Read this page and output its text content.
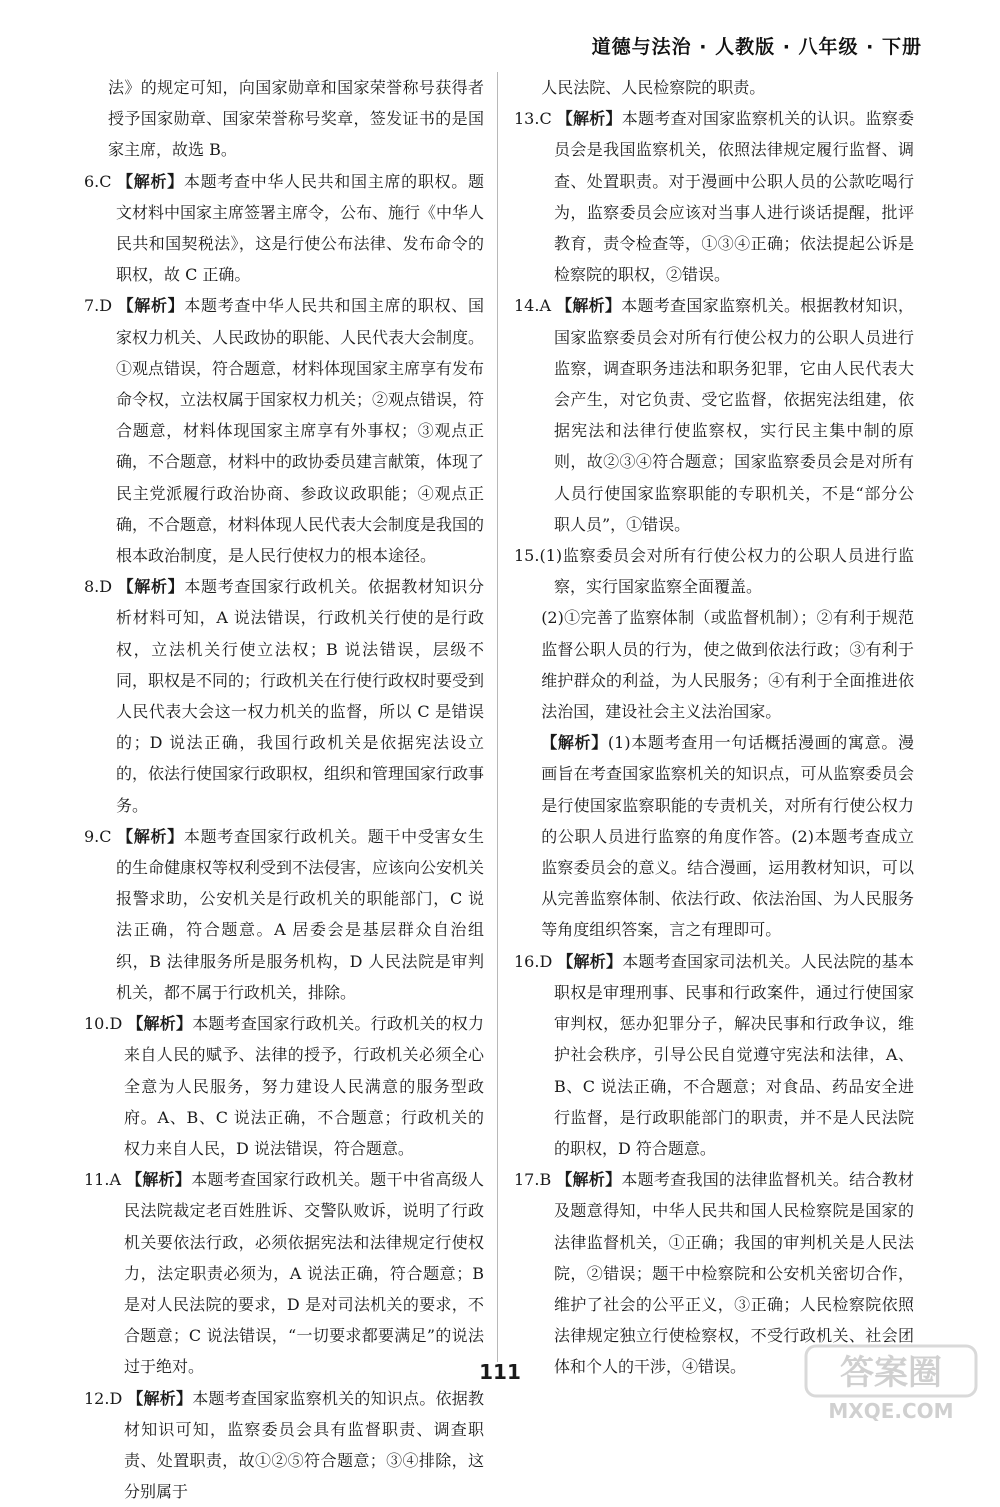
道德与法治 · 人教版 · 八年级 · 下册

法》的规定可知，向国家勋章和国家荣誉称号获得者授予国家勋章、国家荣誉称号奖章，签发证书的是国家主席，故选 B。

6.C 【解析】本题考查中华人民共和国主席的职权。题文材料中国家主席签署主席令，公布、施行《中华人民共和国契税法》，这是行使公布法律、发布命令的职权，故 C 正确。

7.D 【解析】本题考查中华人民共和国主席的职权、国家权力机关、人民政协的职能、人民代表大会制度。①观点错误，符合题意，材料体现国家主席享有发布命令权，立法权属于国家权力机关；②观点错误，符合题意，材料体现国家主席享有外事权；③观点正确，不合题意，材料中的政协委员建言献策，体现了民主党派履行政治协商、参政议政职能；④观点正确，不合题意，材料体现人民代表大会制度是我国的根本政治制度，是人民行使权力的根本途径。

8.D 【解析】本题考查国家行政机关。依据教材知识分析材料可知，A 说法错误，行政机关行使的是行政权，立法机关行使立法权；B 说法错误，层级不同，职权是不同的；行政机关在行使行政权时要受到人民代表大会这一权力机关的监督，所以 C 是错误的；D 说法正确，我国行政机关是依据宪法设立的，依法行使国家行政职权，组织和管理国家行政事务。

9.C 【解析】本题考查国家行政机关。题干中受害女生的生命健康权等权利受到不法侵害，应该向公安机关报警求助，公安机关是行政机关的职能部门，C 说法正确，符合题意。A 居委会是基层群众自治组织，B 法律服务所是服务机构，D 人民法院是审判机关，都不属于行政机关，排除。

10.D 【解析】本题考查国家行政机关。行政机关的权力来自人民的赋予、法律的授予，行政机关必须全心全意为人民服务，努力建设人民满意的服务型政府。A、B、C 说法正确，不合题意；行政机关的权力来自人民，D 说法错误，符合题意。

11.A 【解析】本题考查国家行政机关。题干中省高级人民法院裁定老百姓胜诉、交警队败诉，说明了行政机关要依法行政，必须依据宪法和法律规定行使权力，法定职责必须为，A 说法正确，符合题意；B 是对人民法院的要求，D 是对司法机关的要求，不合题意；C 说法错误，“一切要求都要满足”的说法过于绝对。

12.D 【解析】本题考查国家监察机关的知识点。依据教材知识可知，监察委员会具有监督职责、调查职责、处置职责，故①②⑤符合题意；③④排除，这分别属于

人民法院、人民检察院的职责。

13.C 【解析】本题考查对国家监察机关的认识。监察委员会是我国监察机关，依照法律规定履行监督、调查、处置职责。对于漫画中公职人员的公款吃喝行为，监察委员会应该对当事人进行谈话提醒，批评教育，责令检查等，①③④正确；依法提起公诉是检察院的职权，②错误。

14.A 【解析】本题考查国家监察机关。根据教材知识，国家监察委员会对所有行使公权力的公职人员进行监察，调查职务违法和职务犯罪，它由人民代表大会产生，对它负责、受它监督，依据宪法组建，依据宪法和法律行使监察权，实行民主集中制的原则，故②③④符合题意；国家监察委员会是对所有人员行使国家监察职能的专职机关，不是“部分公职人员”，①错误。

15.(1)监察委员会对所有行使公权力的公职人员进行监察，实行国家监察全面覆盖。

(2)①完善了监察体制（或监督机制）；②有利于规范监督公职人员的行为，使之做到依法行政；③有利于维护群众的利益，为人民服务；④有利于全面推进依法治国，建设社会主义法治国家。

【解析】(1)本题考查用一句话概括漫画的寓意。漫画旨在考查国家监察机关的知识点，可从监察委员会是行使国家监察职能的专责机关，对所有行使公权力的公职人员进行监察的角度作答。(2)本题考查成立监察委员会的意义。结合漫画，运用教材知识，可以从完善监察体制、依法行政、依法治国、为人民服务等角度组织答案，言之有理即可。

16.D 【解析】本题考查国家司法机关。人民法院的基本职权是审理刑事、民事和行政案件，通过行使国家审判权，惩办犯罪分子，解决民事和行政争议，维护社会秩序，引导公民自觉遵守宪法和法律，A、B、C 说法正确，不合题意；对食品、药品安全进行监督，是行政职能部门的职责，并不是人民法院的职权，D 符合题意。

17.B 【解析】本题考查我国的法律监督机关。结合教材及题意得知，中华人民共和国人民检察院是国家的法律监督机关，①正确；我国的审判机关是人民法院，②错误；题干中检察院和公安机关密切合作，维护了社会的公平正义，③正确；人民检察院依照法律规定独立行使检察权，不受行政机关、社会团体和个人的干涉，④错误。

111	答案圈
MXQE.COM
